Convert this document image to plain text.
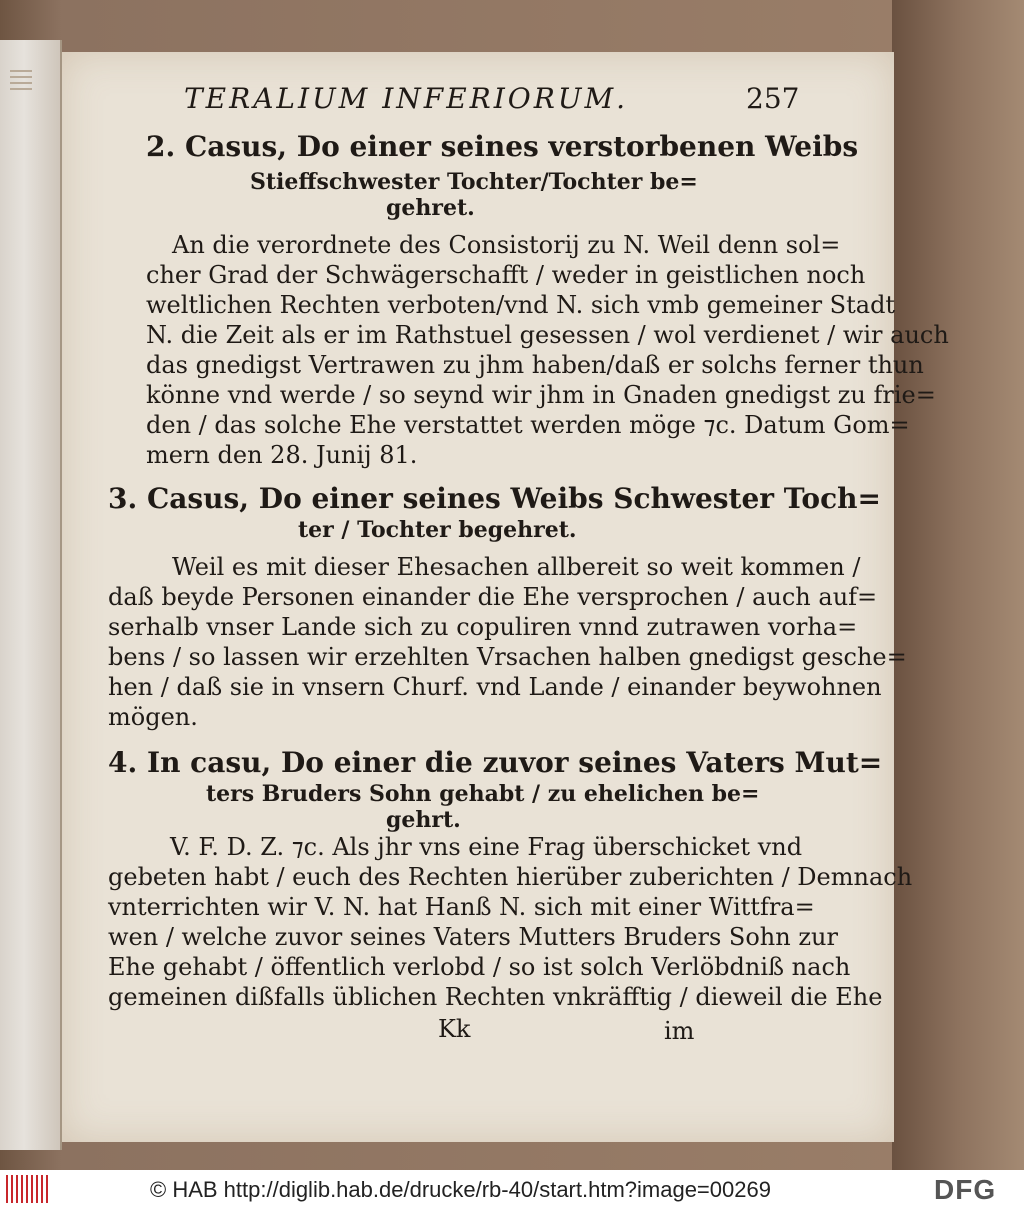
TERALIUM INFERIORUM.	257
2. Casus, Do einer seines verstorbenen Weibs
Stieffschwester Tochter/Tochter be=
gehret.
An die verordnete des Consistorij zu N. Weil denn sol=
cher Grad der Schwägerschafft / weder in geistlichen noch
weltlichen Rechten verboten/vnd N. sich vmb gemeiner Stadt
N. die Zeit als er im Rathstuel gesessen / wol verdienet / wir auch
das gnedigst Vertrawen zu jhm haben/daß er solchs ferner thun
könne vnd werde / so seynd wir jhm in Gnaden gnedigst zu frie=
den / das solche Ehe verstattet werden möge ⁊c. Datum Gom=
mern den 28. Junij 81.
3. Casus, Do einer seines Weibs Schwester Toch=
ter / Tochter begehret.
Weil es mit dieser Ehesachen allbereit so weit kommen /
daß beyde Personen einander die Ehe versprochen / auch auf=
serhalb vnser Lande sich zu copuliren vnnd zutrawen vorha=
bens / so lassen wir erzehlten Vrsachen halben gnedigst gesche=
hen / daß sie in vnsern Churf. vnd Lande / einander beywohnen
mögen.
4. In casu, Do einer die zuvor seines Vaters Mut=
ters Bruders Sohn gehabt / zu ehelichen be=
gehrt.
V. F. D. Z. ⁊c. Als jhr vns eine Frag überschicket vnd
gebeten habt / euch des Rechten hierüber zuberichten / Demnach
vnterrichten wir V. N. hat Hanß N. sich mit einer Wittfra=
wen / welche zuvor seines Vaters Mutters Bruders Sohn zur
Ehe gehabt / öffentlich verlobd / so ist solch Verlöbdniß nach
gemeinen dißfalls üblichen Rechten vnkräfftig / dieweil die Ehe
Kk	im
© HAB http://diglib.hab.de/drucke/rb-40/start.htm?image=00269	DFG
